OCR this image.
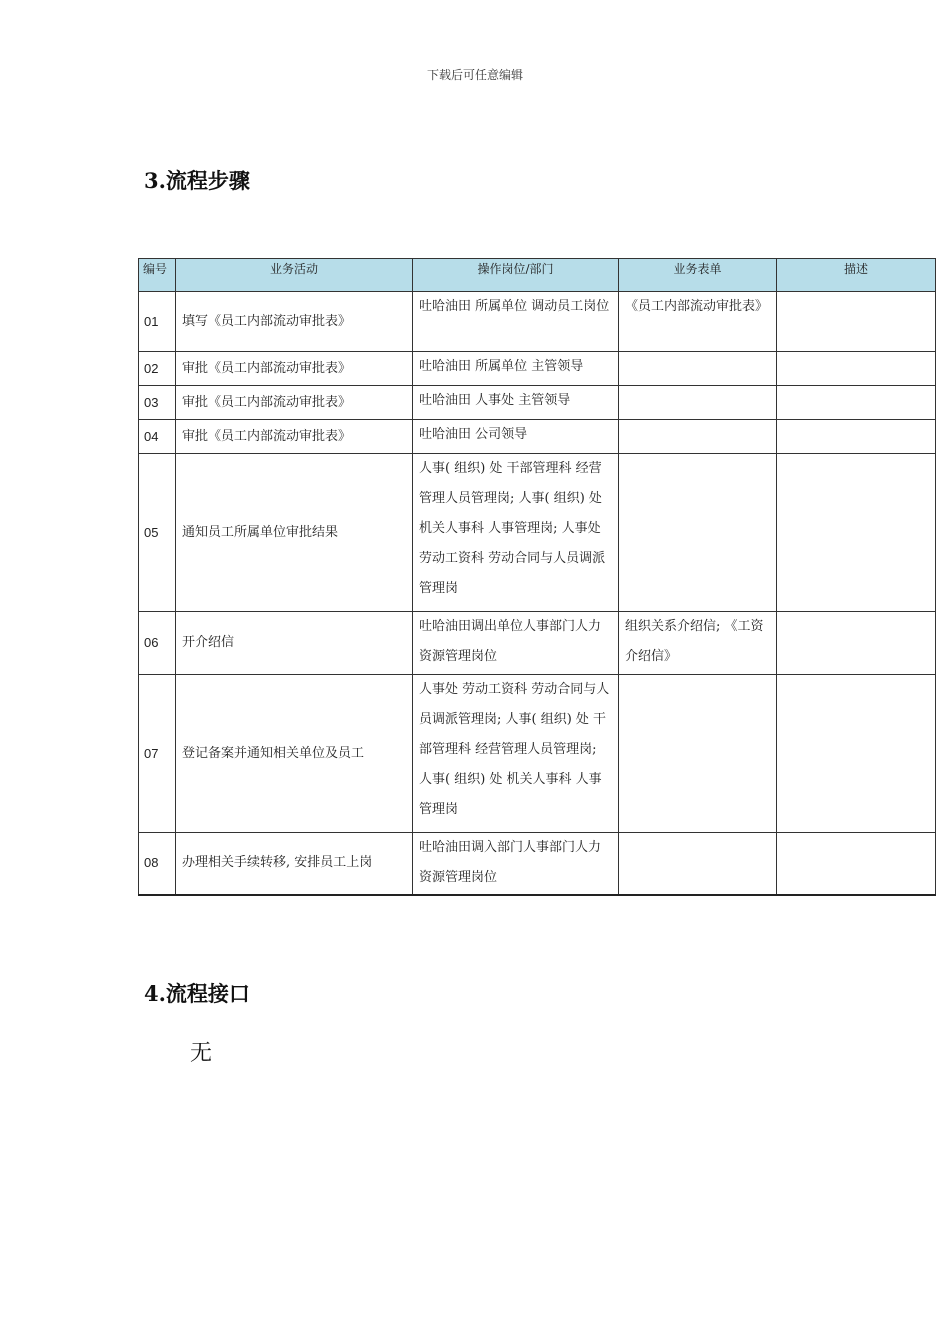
下载后可任意编辑
3.流程步骤
编号	业务活动	操作岗位/部门	业务表单	描述
01	填写《员工内部流动审批表》	吐哈油田 所属单位 调动员工岗位	《员工内部流动审批表》	
02	审批《员工内部流动审批表》	吐哈油田 所属单位 主管领导		
03	审批《员工内部流动审批表》	吐哈油田 人事处 主管领导		
04	审批《员工内部流动审批表》	吐哈油田 公司领导		
05	通知员工所属单位审批结果	人事( 组织) 处 干部管理科 经营管理人员管理岗; 人事( 组织) 处 机关人事科 人事管理岗; 人事处 劳动工资科 劳动合同与人员调派管理岗		
06	开介绍信	吐哈油田调出单位人事部门人力资源管理岗位	组织关系介绍信; 《工资介绍信》	
07	登记备案并通知相关单位及员工	人事处 劳动工资科 劳动合同与人员调派管理岗; 人事( 组织) 处 干部管理科 经营管理人员管理岗; 人事( 组织) 处 机关人事科 人事管理岗		
08	办理相关手续转移, 安排员工上岗	吐哈油田调入部门人事部门人力资源管理岗位		
4.流程接口
无
